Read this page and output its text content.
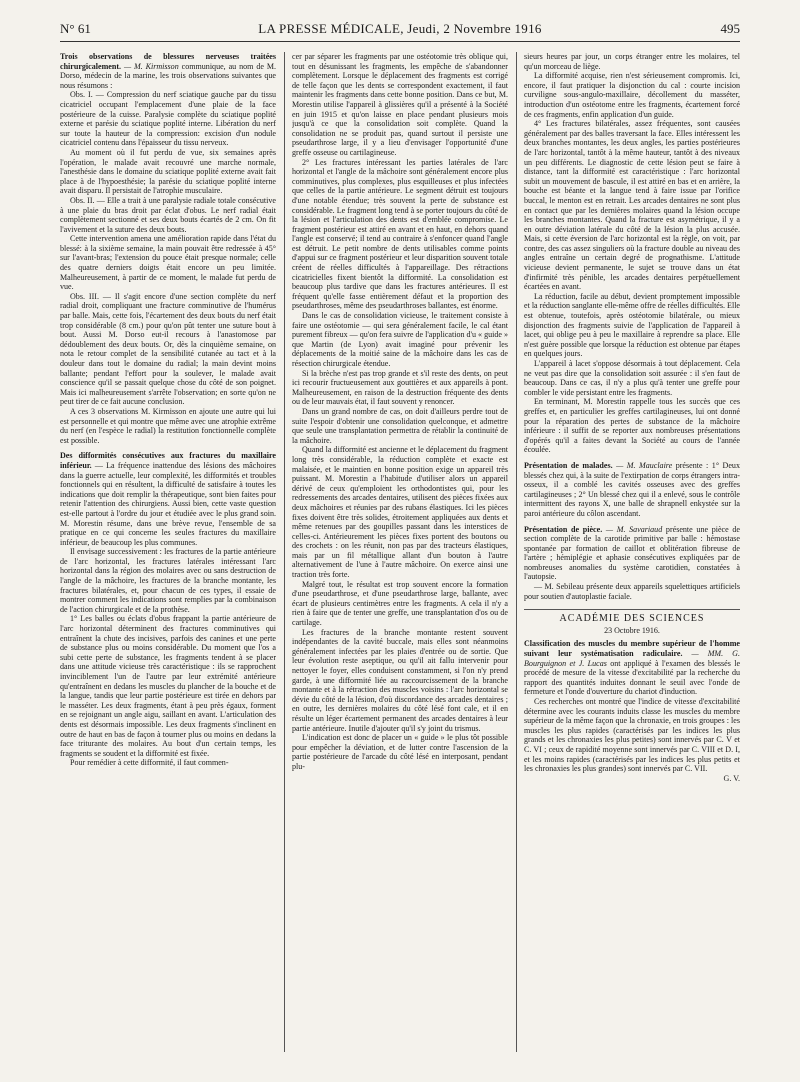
N° 61	LA PRESSE MÉDICALE, Jeudi, 2 Novembre 1916	495

Trois observations de blessures nerveuses traitées chirurgicalement. — M. Kirmisson communique, au nom de M. Dorso, médecin de la marine, les trois observations suivantes que nous résumons :

Obs. I. — Compression du nerf sciatique gauche par du tissu cicatriciel occupant l'emplacement d'une plaie de la face postérieure de la cuisse. Paralysie complète du sciatique poplité externe et parésie du sciatique poplité interne. Libération du nerf sur toute la hauteur de la compression: excision d'un nodule cicatriciel contenu dans l'épaisseur du tissu nerveux.

Au moment où il fut perdu de vue, six semaines après l'opération, le malade avait recouvré une marche normale, l'anesthésie dans le domaine du sciatique poplité externe avait fait place à de l'hypoesthésie; la parésie du sciatique poplité interne avait disparu. Il persistait de l'atrophie musculaire.

Obs. II. — Elle a trait à une paralysie radiale totale consécutive à une plaie du bras droit par éclat d'obus. Le nerf radial était complètement sectionné et ses deux bouts écartés de 2 cm. On fit l'avivement et la suture des deux bouts.

Cette intervention amena une amélioration rapide dans l'état du blessé: à la sixième semaine, la main pouvait être redressée à 45° sur l'avant-bras; l'extension du pouce était presque normale; celle des quatre derniers doigts était encore un peu limitée. Malheureusement, à partir de ce moment, le malade fut perdu de vue.

Obs. III. — Il s'agit encore d'une section complète du nerf radial droit, compliquant une fracture comminutive de l'humérus par balle. Mais, cette fois, l'écartement des deux bouts du nerf était trop considérable (8 cm.) pour qu'on pût tenter une suture bout à bout. Aussi M. Dorso eut-il recours à l'anastomose par dédoublement des deux bouts. Or, dès la cinquième semaine, on nota le retour complet de la sensibilité cutanée au tact et à la douleur dans tout le domaine du radial; la main devint moins ballante; pendant l'effort pour la soulever, le malade avait conscience qu'il se passait quelque chose du côté de son poignet. Mais ici malheureusement s'arrête l'observation; en sorte qu'on ne peut tirer de ce fait aucune conclusion.

A ces 3 observations M. Kirmisson en ajoute une autre qui lui est personnelle et qui montre que même avec une atrophie extrême du nerf (en l'espèce le radial) la restitution fonctionnelle complète est possible.

Des difformités consécutives aux fractures du maxillaire inférieur. — La fréquence inattendue des lésions des mâchoires dans la guerre actuelle, leur complexité, les difformités et troubles fonctionnels qui en résultent, la difficulté de satisfaire à toutes les indications que doit remplir la thérapeutique, sont bien faites pour retenir l'attention des chirurgiens. Aussi bien, cette vaste question est-elle partout à l'ordre du jour et étudiée avec le plus grand soin. M. Morestin résume, dans une brève revue, l'ensemble de sa pratique en ce qui concerne les seules fractures du maxillaire inférieur, de beaucoup les plus communes.

Il envisage successivement : les fractures de la partie antérieure de l'arc horizontal, les fractures latérales intéressant l'arc horizontal dans la région des molaires avec ou sans destruction de l'angle de la mâchoire, les fractures de la branche montante, les fractures bilatérales, et, pour chacun de ces types, il essaie de montrer comment les indications sont remplies par la combinaison de l'action chirurgicale et de la prothèse.

1° Les balles ou éclats d'obus frappant la partie antérieure de l'arc horizontal déterminent des fractures comminutives qui entraînent la chute des incisives, parfois des canines et une perte de substance plus ou moins considérable. Du moment que l'os a subi cette perte de substance, les fragments tendent à se placer dans une attitude vicieuse très caractéristique : ils se rapprochent invinciblement l'un de l'autre par leur extrémité antérieure qu'entraînent en dedans les muscles du plancher de la bouche et de la langue, tandis que leur partie postérieure est tirée en dehors par le masséter. Les deux fragments, étant à peu près égaux, forment en se rejoignant un angle aigu, saillant en avant. L'articulation des dents est désormais impossible. Les deux fragments s'inclinent en outre de haut en bas de façon à tourner plus ou moins en dedans la face triturante des molaires. Au bout d'un certain temps, les fragments se soudent et la difformité est fixée.

Pour remédier à cette difformité, il faut commen-

cer par séparer les fragments par une ostéotomie très oblique qui, tout en désunissant les fragments, les empêche de s'abandonner complètement. Lorsque le déplacement des fragments est corrigé de telle façon que les dents se correspondent exactement, il faut maintenir les fragments dans cette bonne position. Dans ce but, M. Morestin utilise l'appareil à glissières qu'il a présenté à la Société en juin 1915 et qu'on laisse en place pendant plusieurs mois jusqu'à ce que la consolidation soit complète. Quand la consolidation ne se produit pas, quand surtout il persiste une pseudarthrose large, il y a lieu d'envisager l'opportunité d'une greffe osseuse ou cartilagineuse.

2° Les fractures intéressant les parties latérales de l'arc horizontal et l'angle de la mâchoire sont généralement encore plus comminutives, plus complexes, plus esquilleuses et plus infectées que celles de la partie antérieure. Le segment détruit est toujours d'une notable étendue; très souvent la perte de substance est considérable. Le fragment long tend à se porter toujours du côté de la lésion et l'articulation des dents est d'emblée compromise. Le fragment postérieur est attiré en avant et en haut, en dehors quand l'angle est conservé; il tend au contraire à s'enfoncer quand l'angle est détruit. Le petit nombre de dents utilisables comme points d'appui sur ce fragment postérieur et leur disparition souvent totale créent de réelles difficultés à l'appareillage. Des rétractions cicatricielles fixent bientôt la difformité. La consolidation est beaucoup plus tardive que dans les fractures antérieures. Il est fréquent qu'elle fasse entièrement défaut et la proportion des pseudarthroses, même des pseudarthroses ballantes, est énorme.

Dans le cas de consolidation vicieuse, le traitement consiste à faire une ostéotomie — qui sera généralement facile, le cal étant purement fibreux — qu'on fera suivre de l'application d'u « guide » que Martin (de Lyon) avait imaginé pour prévenir les déplacements de la moitié saine de la mâchoire dans les cas de résection chirurgicale étendue.

Si la brèche n'est pas trop grande et s'il reste des dents, on peut ici recourir fructueusement aux gouttières et aux appareils à pont. Malheureusement, en raison de la destruction fréquente des dents ou de leur mauvais état, il faut souvent y renoncer.

Dans un grand nombre de cas, on doit d'ailleurs perdre tout de suite l'espoir d'obtenir une consolidation quelconque, et admettre que seule une transplantation permettra de rétablir la continuité de la mâchoire.

Quand la difformité est ancienne et le déplacement du fragment long très considérable, la réduction complète et exacte est malaisée, et le maintien en bonne position exige un appareil très puissant. M. Morestin a l'habitude d'utiliser alors un appareil dérivé de ceux qu'emploient les orthodontistes qui, pour les redressements des arcades dentaires, utilisent des pièces fixées aux deux mâchoires et réunies par des rubans élastiques. Ici les pièces fixes doivent être très solides, étroitement appliquées aux dents et même retenues par des goupilles passant dans les interstices de celles-ci. Antérieurement les pièces fixes portent des boutons ou des crochets : on les réunit, non pas par des tracteurs élastiques, mais par un fil métallique allant d'un bouton à l'autre alternativement de l'une à l'autre mâchoire. On exerce ainsi une traction très forte.

Malgré tout, le résultat est trop souvent encore la formation d'une pseudarthrose, et d'une pseudarthrose large, ballante, avec écart de plusieurs centimètres entre les fragments. A cela il n'y a rien à faire que de tenter une greffe, une transplantation d'os ou de cartilage.

Les fractures de la branche montante restent souvent indépendantes de la cavité buccale, mais elles sont néanmoins généralement infectées par les plaies d'entrée ou de sortie. Que leur évolution reste aseptique, ou qu'il ait fallu intervenir pour nettoyer le foyer, elles conduisent constamment, si l'on n'y prend garde, à une difformité liée au raccourcissement de la branche montante et à la rétraction des muscles voisins : l'arc horizontal se dévie du côté de la lésion, d'où discordance des arcades dentaires ; en outre, les dernières molaires du côté lésé font cale, et il en résulte un léger écartement permanent des arcades dentaires à leur partie antérieure. Inutile d'ajouter qu'il s'y joint du trismus.

L'indication est donc de placer un « guide » le plus tôt possible pour empêcher la déviation, et de lutter contre l'ascension de la partie postérieure de l'arcade du côté lésé en interposant, pendant plu-

sieurs heures par jour, un corps étranger entre les molaires, tel qu'un morceau de liège.

La difformité acquise, rien n'est sérieusement compromis. Ici, encore, il faut pratiquer la disjonction du cal : courte incision curviligne sous-angulo-maxillaire, décollement du masséter, introduction d'un ostéotome entre les fragments, écartement forcé de ces fragments, enfin application d'un guide.

4° Les fractures bilatérales, assez fréquentes, sont causées généralement par des balles traversant la face. Elles intéressent les deux branches montantes, les deux angles, les parties postérieures de l'arc horizontal, tantôt à la même hauteur, tantôt à des niveaux un peu différents. Le diagnostic de cette lésion peut se faire à distance, tant la difformité est caractéristique : l'arc horizontal subit un mouvement de bascule, il est attiré en bas et en arrière, la bouche est béante et la langue tend à faire issue par l'orifice buccal, le menton est en retrait. Les arcades dentaires ne sont plus en contact que par les dernières molaires quand la lésion occupe les branches montantes. Quand la fracture est asymétrique, il y a en outre déviation latérale du côté de la lésion la plus accusée. Mais, si cette éversion de l'arc horizontal est la règle, on voit, par contre, des cas assez singuliers où la fracture double au niveau des angles entraîne un certain degré de prognathisme. L'attitude vicieuse devient permanente, le sujet se trouve dans un état d'infirmité très pénible, les arcades dentaires perpétuellement écartées en avant.

La réduction, facile au début, devient promptement impossible et la réduction sanglante elle-même offre de réelles difficultés. Elle est obtenue, toutefois, après ostéotomie bilatérale, ou mieux disjonction des fragments suivie de l'application de l'appareil à lacet, qui oblige peu à peu le maxillaire à reprendre sa place. Elle n'est guère possible que lorsque la réduction est obtenue par étapes en quelques jours.

L'appareil à lacet s'oppose désormais à tout déplacement. Cela ne veut pas dire que la consolidation soit assurée : il s'en faut de beaucoup. Dans ce cas, il n'y a plus qu'à tenter une greffe pour combler le vide persistant entre les fragments.

En terminant, M. Morestin rappelle tous les succès que ces greffes et, en particulier les greffes cartilagineuses, lui ont donné pour la réparation des pertes de substance de la mâchoire inférieure : il suffit de se reporter aux nombreuses présentations d'opérés qu'il a faites devant la Société au cours de l'année écoulée.

Présentation de malades. — M. Mauclaire présente : 1° Deux blessés chez qui, à la suite de l'extirpation de corps étrangers intra-osseux, il a comblé les cavités osseuses avec des greffes cartilagineuses ; 2° Un blessé chez qui il a enlevé, sous le contrôle intermittent des rayons X, une balle de shrapnell enkystée sur la paroi antérieure du côlon ascendant.

Présentation de pièce. — M. Savariaud présente une pièce de section complète de la carotide primitive par balle : hémostase spontanée par formation de caillot et oblitération fibreuse de l'artère ; hémiplégie et aphasie consécutives expliquées par de nombreuses anomalies du système carotidien, constatées à l'autopsie.

— M. Sebileau présente deux appareils squelettiques artificiels pour soutien d'autoplastie faciale.

ACADÉMIE DES SCIENCES
23 Octobre 1916.

Classification des muscles du membre supérieur de l'homme suivant leur systématisation radiculaire. — MM. G. Bourguignon et J. Lucas ont appliqué à l'examen des blessés le procédé de mesure de la vitesse d'excitabilité par la recherche du rapport des quantités induites donnant le seuil avec l'onde de fermeture et l'onde d'ouverture du chariot d'induction.

Ces recherches ont montré que l'indice de vitesse d'excitabilité détermine avec les courants induits classe les muscles du membre supérieur de la même façon que la chronaxie, en trois groupes : les muscles les plus rapides (caractérisés par les indices les plus grands et les chronaxies les plus petites) sont innervés par C. V et C. VI ; ceux de rapidité moyenne sont innervés par C. VIII et D. I, et les moins rapides (caractérisés par les indices les plus petits et les chronaxies les plus grandes) sont innervés par C. VII.

G. V.
